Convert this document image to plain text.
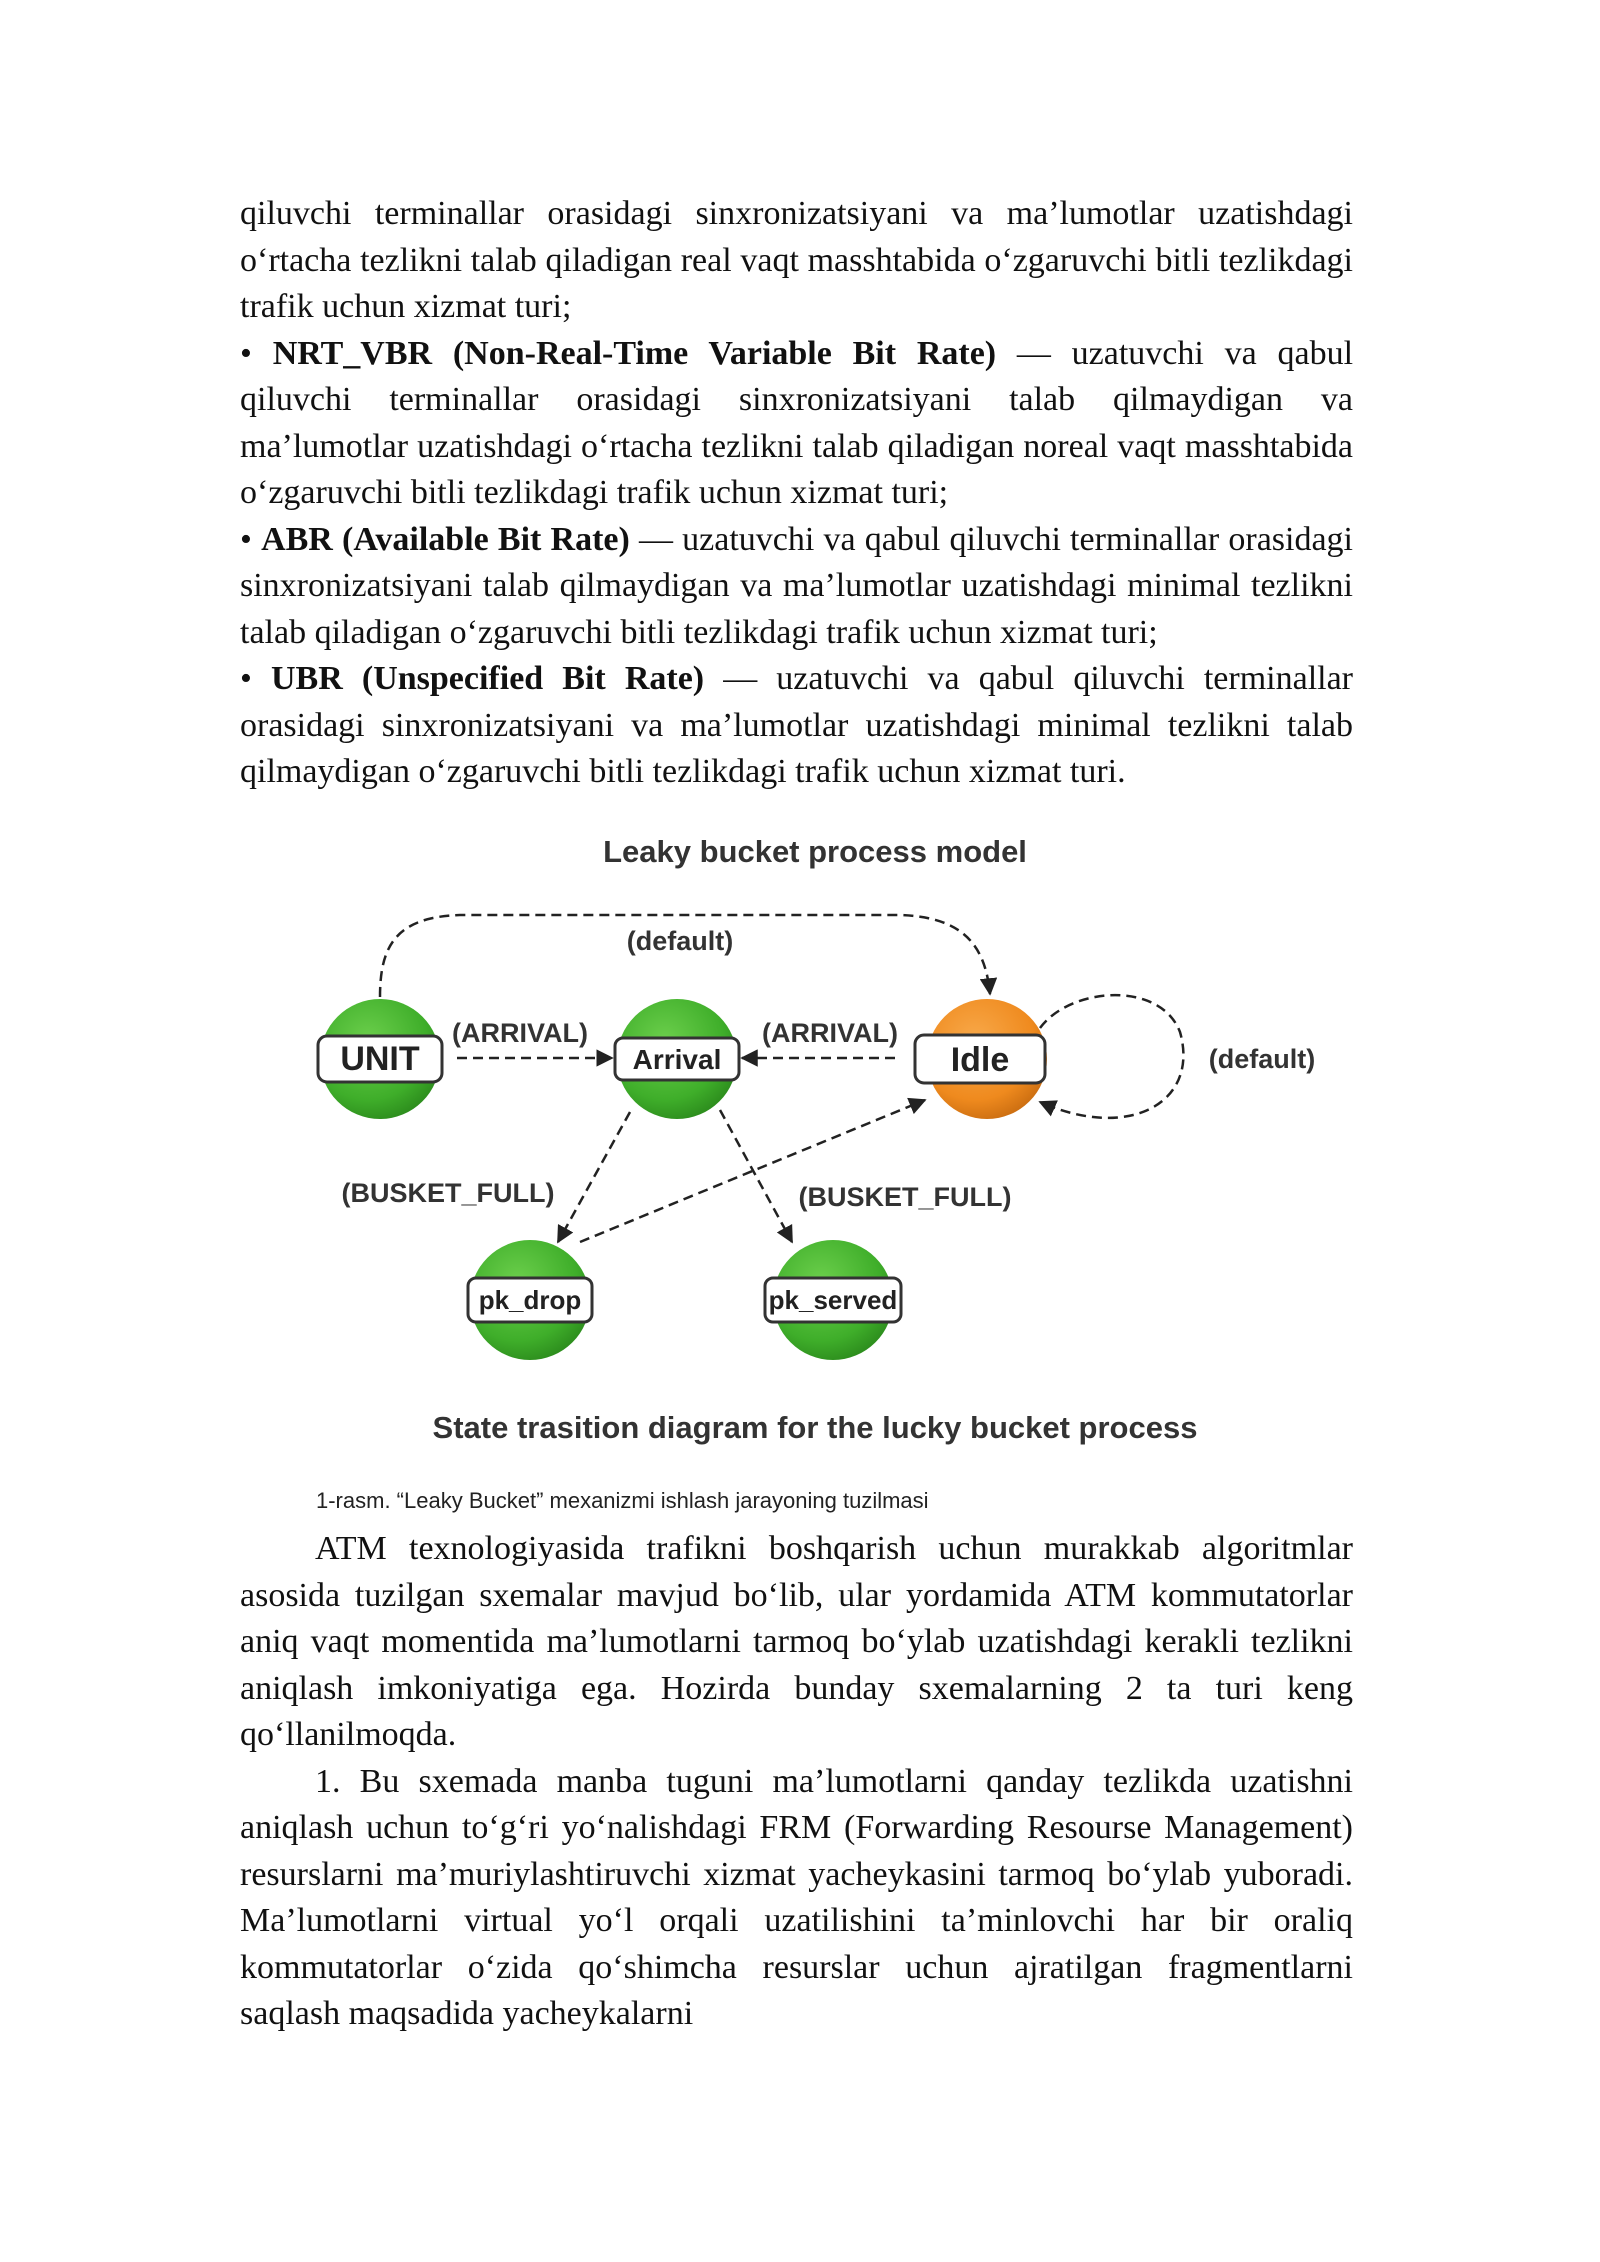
qiluvchi terminallar orasidagi sinxronizatsiyani va ma’lumotlar uzatishdagi o‘rtacha tezlikni talab qiladigan real vaqt masshtabida o‘zgaruvchi bitli tezlikdagi trafik uchun xizmat turi;

• NRT_VBR (Non-Real-Time Variable Bit Rate) — uzatuvchi va qabul qiluvchi terminallar orasidagi sinxronizatsiyani talab qilmaydigan va ma’lumotlar uzatishdagi o‘rtacha tezlikni talab qiladigan noreal vaqt masshtabida o‘zgaruvchi bitli tezlikdagi trafik uchun xizmat turi;

• ABR (Available Bit Rate) — uzatuvchi va qabul qiluvchi terminallar orasidagi sinxronizatsiyani talab qilmaydigan va ma’lumotlar uzatishdagi minimal tezlikni talab qiladigan o‘zgaruvchi bitli tezlikdagi trafik uchun xizmat turi;

• UBR (Unspecified Bit Rate) — uzatuvchi va qabul qiluvchi terminallar orasidagi sinxronizatsiyani va ma’lumotlar uzatishdagi minimal tezlikni talab qilmaydigan o‘zgaruvchi bitli tezlikdagi trafik uchun xizmat turi.

Leaky bucket process model
(default)
(default)
(ARRIVAL)	(ARRIVAL)
(BUSKET_FULL)	(BUSKET_FULL)
UNIT	Arrival	Idle
pk_drop	pk_served
State trasition diagram for the lucky bucket process
1-rasm. “Leaky Bucket” mexanizmi ishlash jarayoning tuzilmasi

ATM texnologiyasida trafikni boshqarish uchun murakkab algoritmlar asosida tuzilgan sxemalar mavjud bo‘lib, ular yordamida ATM kommutatorlar aniq vaqt momentida ma’lumotlarni tarmoq bo‘ylab uzatishdagi kerakli tezlikni aniqlash imkoniyatiga ega. Hozirda bunday sxemalarning 2 ta turi keng qo‘llanilmoqda.

1. Bu sxemada manba tuguni ma’lumotlarni qanday tezlikda uzatishni aniqlash uchun to‘g‘ri yo‘nalishdagi FRM (Forwarding Resourse Management) resurslarni ma’muriylashtiruvchi xizmat yacheykasini tarmoq bo‘ylab yuboradi. Ma’lumotlarni virtual yo‘l orqali uzatilishini ta’minlovchi har bir oraliq kommutatorlar o‘zida qo‘shimcha resurslar uchun ajratilgan fragmentlarni saqlash maqsadida yacheykalarni
